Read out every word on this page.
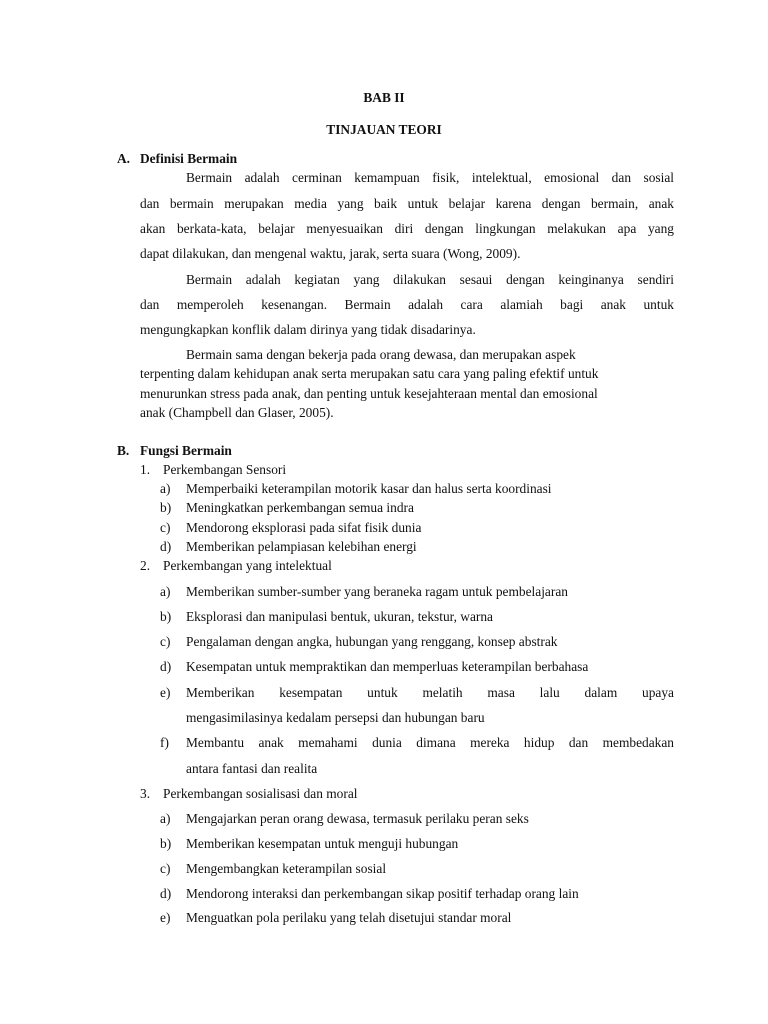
BAB II
TINJAUAN TEORI
A. Definisi Bermain
Bermain adalah cerminan kemampuan fisik, intelektual, emosional dan sosial
dan bermain merupakan media yang baik untuk belajar karena dengan bermain, anak
akan berkata-kata, belajar menyesuaikan diri dengan lingkungan melakukan apa yang
dapat dilakukan, dan mengenal waktu, jarak, serta suara (Wong, 2009).
Bermain adalah kegiatan yang dilakukan sesaui dengan keinginanya sendiri
dan memperoleh kesenangan. Bermain adalah cara alamiah bagi anak untuk
mengungkapkan konflik dalam dirinya yang tidak disadarinya.
Bermain sama dengan bekerja pada orang dewasa, dan merupakan aspek
terpenting dalam kehidupan anak serta merupakan satu cara yang paling efektif untuk
menurunkan stress pada anak, dan penting untuk kesejahteraan mental dan emosional
anak (Champbell dan Glaser, 2005).
B. Fungsi Bermain
1. Perkembangan Sensori
a) Memperbaiki keterampilan motorik kasar dan halus serta koordinasi
b) Meningkatkan perkembangan semua indra
c) Mendorong eksplorasi pada sifat fisik dunia
d) Memberikan pelampiasan kelebihan energi
2. Perkembangan yang intelektual
a) Memberikan sumber-sumber yang beraneka ragam untuk pembelajaran
b) Eksplorasi dan manipulasi bentuk, ukuran, tekstur, warna
c) Pengalaman dengan angka, hubungan yang renggang, konsep abstrak
d) Kesempatan untuk mempraktikan dan memperluas keterampilan berbahasa
e) Memberikan kesempatan untuk melatih masa lalu dalam upaya
mengasimilasinya kedalam persepsi dan hubungan baru
f) Membantu anak memahami dunia dimana mereka hidup dan membedakan
antara fantasi dan realita
3. Perkembangan sosialisasi dan moral
a) Mengajarkan peran orang dewasa, termasuk perilaku peran seks
b) Memberikan kesempatan untuk menguji hubungan
c) Mengembangkan keterampilan sosial
d) Mendorong interaksi dan perkembangan sikap positif terhadap orang lain
e) Menguatkan pola perilaku yang telah disetujui standar moral
